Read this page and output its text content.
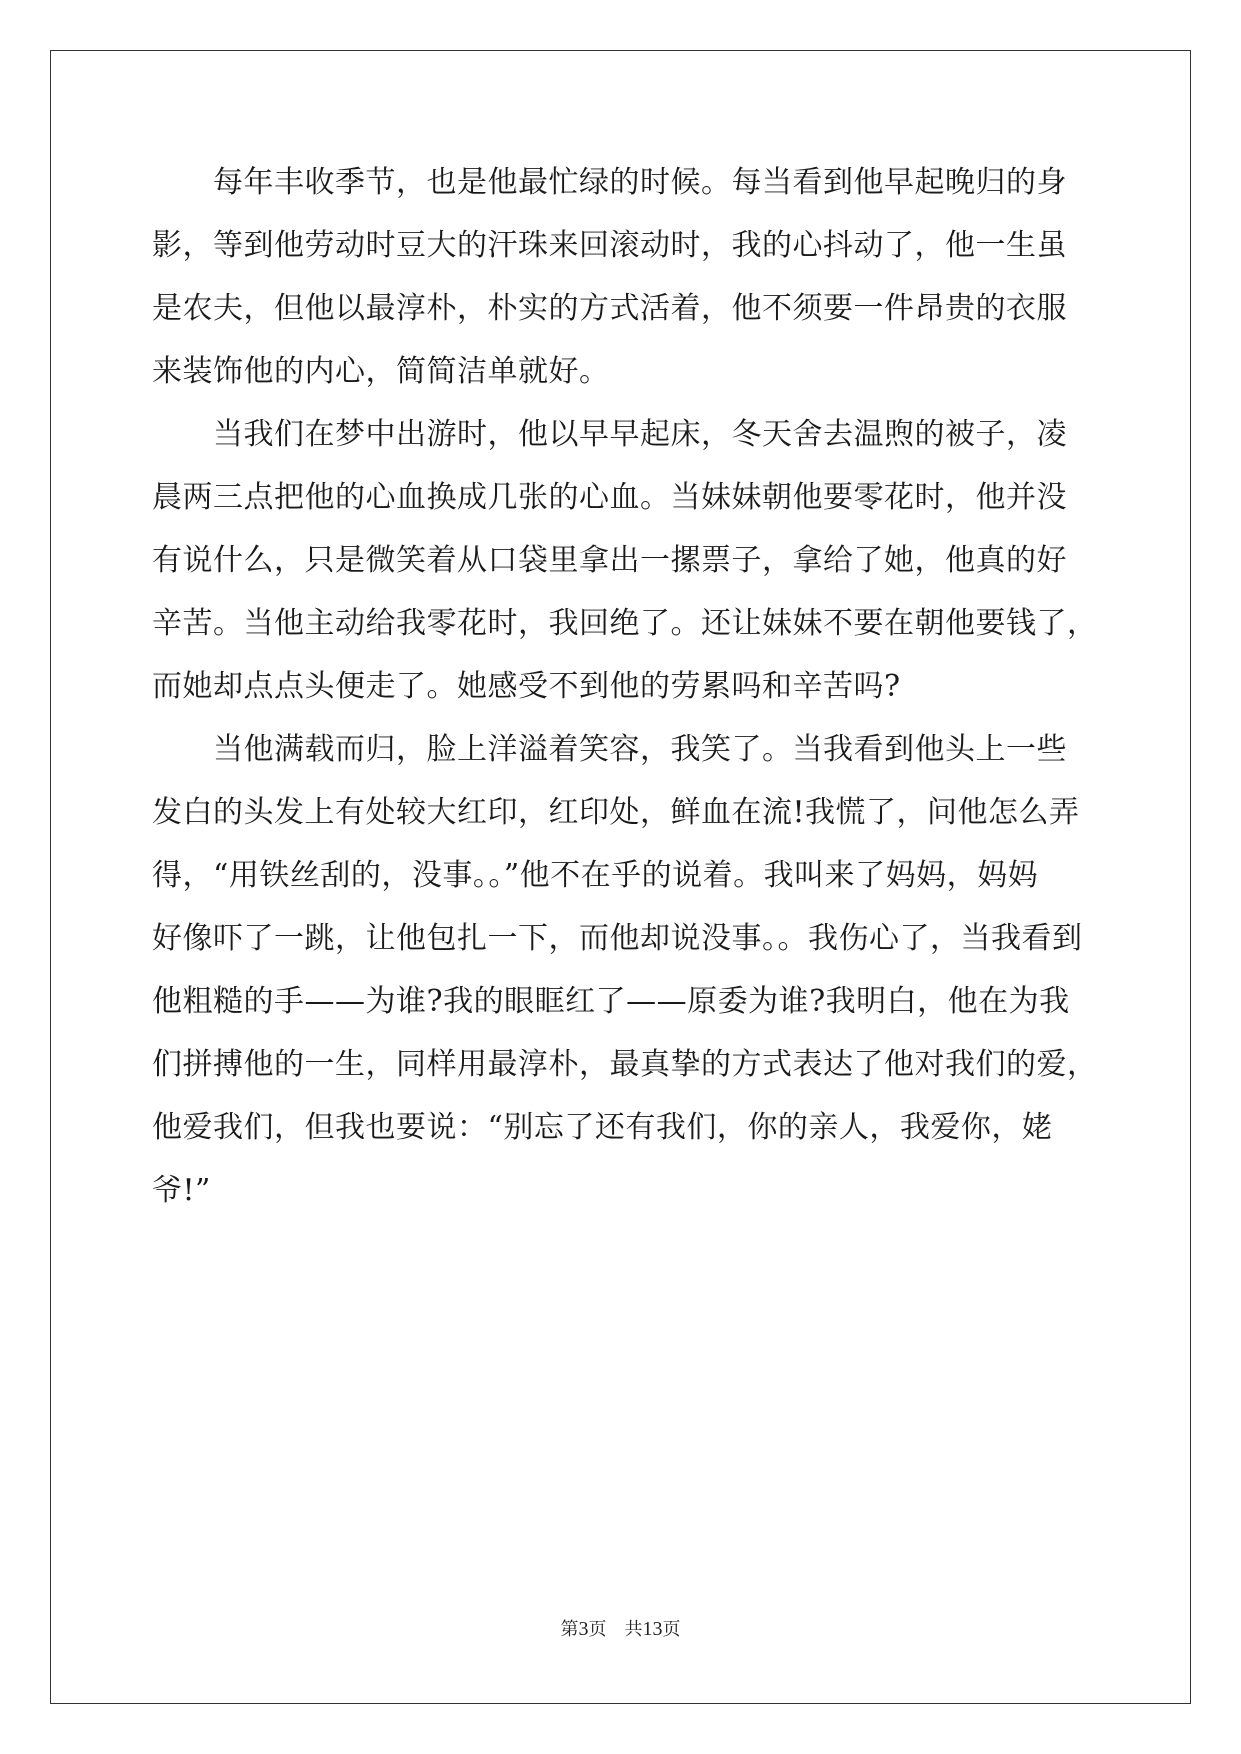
　　每年丰收季节，也是他最忙绿的时候。每当看到他早起晚归的身
影，等到他劳动时豆大的汗珠来回滚动时，我的心抖动了，他一生虽
是农夫，但他以最淳朴，朴实的方式活着，他不须要一件昂贵的衣服
来装饰他的内心，简简洁单就好。
　　当我们在梦中出游时，他以早早起床，冬天舍去温煦的被子，凌
晨两三点把他的心血换成几张的心血。当妹妹朝他要零花时，他并没
有说什么，只是微笑着从口袋里拿出一摞票子，拿给了她，他真的好
辛苦。当他主动给我零花时，我回绝了。还让妹妹不要在朝他要钱了，
而她却点点头便走了。她感受不到他的劳累吗和辛苦吗?
　　当他满载而归，脸上洋溢着笑容，我笑了。当我看到他头上一些
发白的头发上有处较大红印，红印处，鲜血在流!我慌了，问他怎么弄
得，“用铁丝刮的，没事。。”他不在乎的说着。我叫来了妈妈，妈妈
好像吓了一跳，让他包扎一下，而他却说没事。。我伤心了，当我看到
他粗糙的手——为谁?我的眼眶红了——原委为谁?我明白，他在为我
们拼搏他的一生，同样用最淳朴，最真挚的方式表达了他对我们的爱，
他爱我们，但我也要说：“别忘了还有我们，你的亲人，我爱你，姥
爷!”
第3页 共13页
